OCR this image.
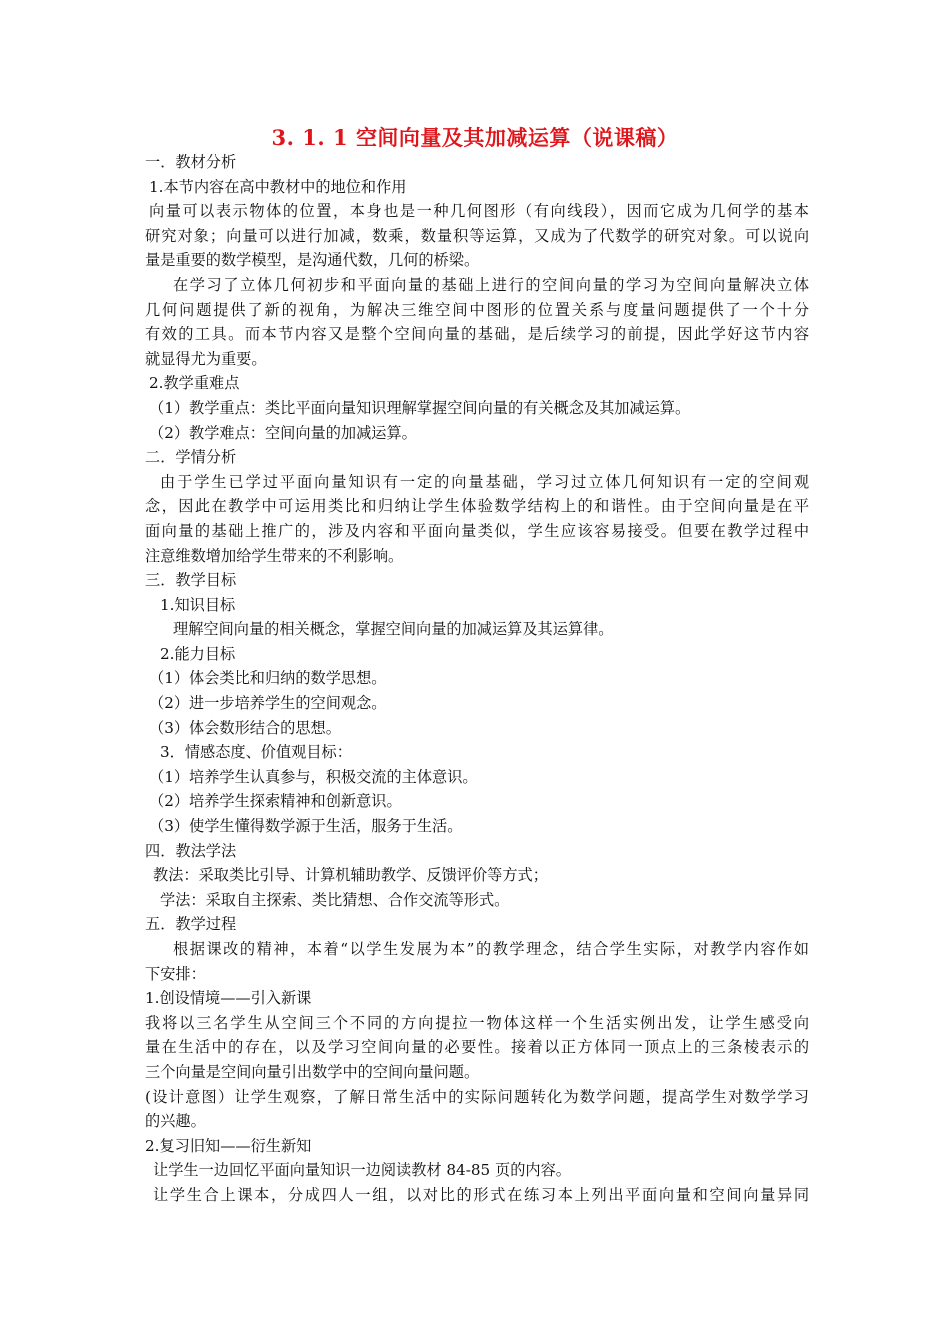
3. 1. 1 空间向量及其加减运算（说课稿）
一．教材分析
1.本节内容在高中教材中的地位和作用
向量可以表示物体的位置，本身也是一种几何图形（有向线段），因而它成为几何学的基本
研究对象；向量可以进行加减，数乘，数量积等运算，又成为了代数学的研究对象。可以说向
量是重要的数学模型，是沟通代数，几何的桥梁。
在学习了立体几何初步和平面向量的基础上进行的空间向量的学习为空间向量解决立体
几何问题提供了新的视角，为解决三维空间中图形的位置关系与度量问题提供了一个十分
有效的工具。而本节内容又是整个空间向量的基础，是后续学习的前提，因此学好这节内容
就显得尤为重要。
2.教学重难点
（1）教学重点：类比平面向量知识理解掌握空间向量的有关概念及其加减运算。
（2）教学难点：空间向量的加减运算。
二．学情分析
由于学生已学过平面向量知识有一定的向量基础，学习过立体几何知识有一定的空间观
念，因此在教学中可运用类比和归纳让学生体验数学结构上的和谐性。由于空间向量是在平
面向量的基础上推广的，涉及内容和平面向量类似，学生应该容易接受。但要在教学过程中
注意维数增加给学生带来的不利影响。
三．教学目标
1.知识目标
理解空间向量的相关概念，掌握空间向量的加减运算及其运算律。
2.能力目标
（1）体会类比和归纳的数学思想。
（2）进一步培养学生的空间观念。
（3）体会数形结合的思想。
3．情感态度、价值观目标：
（1）培养学生认真参与，积极交流的主体意识。
（2）培养学生探索精神和创新意识。
（3）使学生懂得数学源于生活，服务于生活。
四．教法学法
教法：采取类比引导、计算机辅助教学、反馈评价等方式；
学法：采取自主探索、类比猜想、合作交流等形式。
五．教学过程
根据课改的精神，本着“以学生发展为本”的教学理念，结合学生实际，对教学内容作如
下安排：
1.创设情境——引入新课
我将以三名学生从空间三个不同的方向提拉一物体这样一个生活实例出发，让学生感受向
量在生活中的存在，以及学习空间向量的必要性。接着以正方体同一顶点上的三条棱表示的
三个向量是空间向量引出数学中的空间向量问题。
(设计意图）让学生观察，了解日常生活中的实际问题转化为数学问题，提高学生对数学学习
的兴趣。
2.复习旧知——衍生新知
让学生一边回忆平面向量知识一边阅读教材 84-85 页的内容。
让学生合上课本，分成四人一组，以对比的形式在练习本上列出平面向量和空间向量异同
